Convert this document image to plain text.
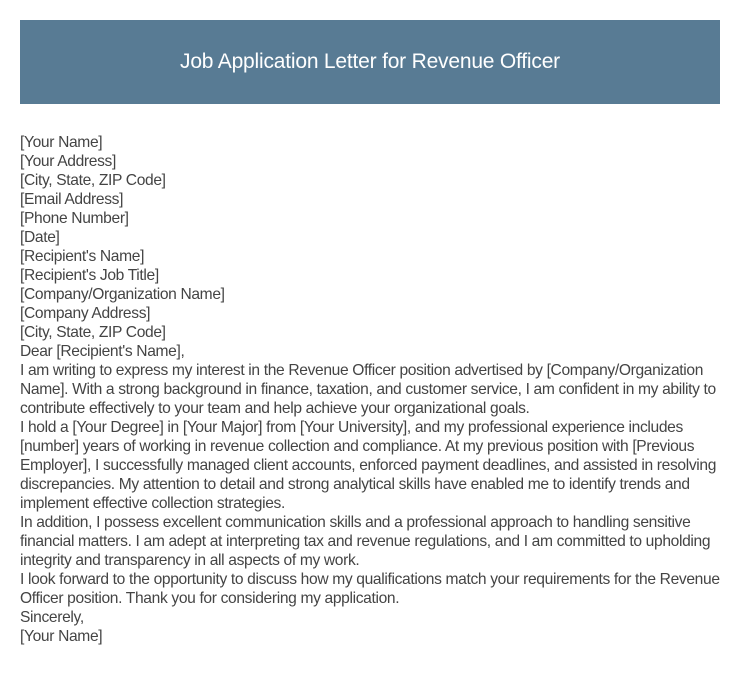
Job Application Letter for Revenue Officer

[Your Name]

[Your Address]

[City, State, ZIP Code]

[Email Address]

[Phone Number]

[Date]

[Recipient's Name]

[Recipient's Job Title]

[Company/Organization Name]

[Company Address]

[City, State, ZIP Code]

Dear [Recipient's Name],

I am writing to express my interest in the Revenue Officer position advertised by [Company/Organization Name]. With a strong background in finance, taxation, and customer service, I am confident in my ability to contribute effectively to your team and help achieve your organizational goals.

I hold a [Your Degree] in [Your Major] from [Your University], and my professional experience includes [number] years of working in revenue collection and compliance. At my previous position with [Previous Employer], I successfully managed client accounts, enforced payment deadlines, and assisted in resolving discrepancies. My attention to detail and strong analytical skills have enabled me to identify trends and implement effective collection strategies.

In addition, I possess excellent communication skills and a professional approach to handling sensitive financial matters. I am adept at interpreting tax and revenue regulations, and I am committed to upholding integrity and transparency in all aspects of my work.

I look forward to the opportunity to discuss how my qualifications match your requirements for the Revenue Officer position. Thank you for considering my application.

Sincerely,

[Your Name]
